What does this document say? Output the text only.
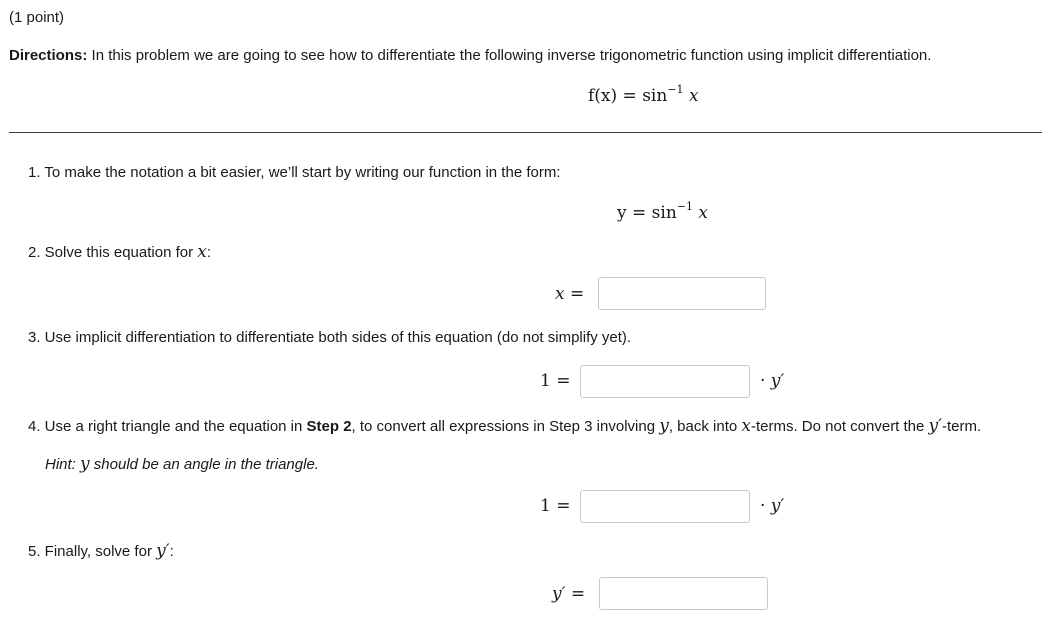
(1 point)
Directions: In this problem we are going to see how to differentiate the following inverse trigonometric function using implicit differentiation.
$f(x) = \sin^{-1} x$
1. To make the notation a bit easier, we’ll start by writing our function in the form:
$y = \sin^{-1} x$
2. Solve this equation for x:
x =
3. Use implicit differentiation to differentiate both sides of this equation (do not simplify yet).
1 =	· y′
4. Use a right triangle and the equation in Step 2, to convert all expressions in Step 3 involving y, back into x-terms. Do not convert the y′-term.
Hint: y should be an angle in the triangle.
1 =	· y′
5. Finally, solve for y′:
y′ =
